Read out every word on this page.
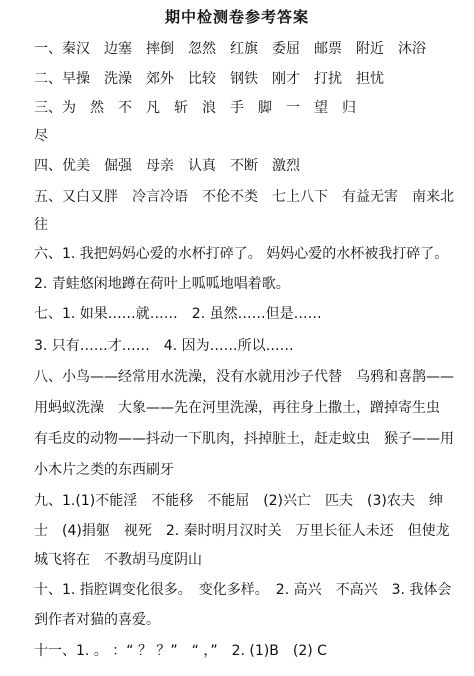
期中检测卷参考答案
一、秦汉　边塞　摔倒　忽然　红旗　委屈　邮票　附近　沐浴
二、早操　洗澡　郊外　比较　钢铁　刚才　打扰　担忧
三、为　然　不　凡　斩　浪　手　脚　一　望　归
尽
四、优美　倔强　母亲　认真　不断　激烈
五、又白又胖　冷言冷语　不伦不类　七上八下　有益无害　南来北
往
六、1. 我把妈妈心爱的水杯打碎了。 妈妈心爱的水杯被我打碎了。
2. 青蛙悠闲地蹲在荷叶上呱呱地唱着歌。
七、1. 如果……就……　2. 虽然……但是……
3. 只有……才……　4. 因为……所以……
八、小鸟——经常用水洗澡，没有水就用沙子代替　乌鸦和喜鹊——
用蚂蚁洗澡　大象——先在河里洗澡，再往身上撒土，蹭掉寄生虫
有毛皮的动物——抖动一下肌肉，抖掉脏土，赶走蚊虫　猴子——用
小木片之类的东西刷牙
九、1.(1)不能淫　不能移　不能屈　(2)兴亡　匹夫　(3)农夫　绅
士　(4)捐躯　视死　2. 秦时明月汉时关　万里长征人未还　但使龙
城飞将在　不教胡马度阴山
十、1. 指腔调变化很多。　变化多样。　2. 高兴　不高兴　3. 我体会
到作者对猫的喜爱。
十一、1. 。 ：“ ？ ？”　“ ，”　2. (1)B　(2) C
